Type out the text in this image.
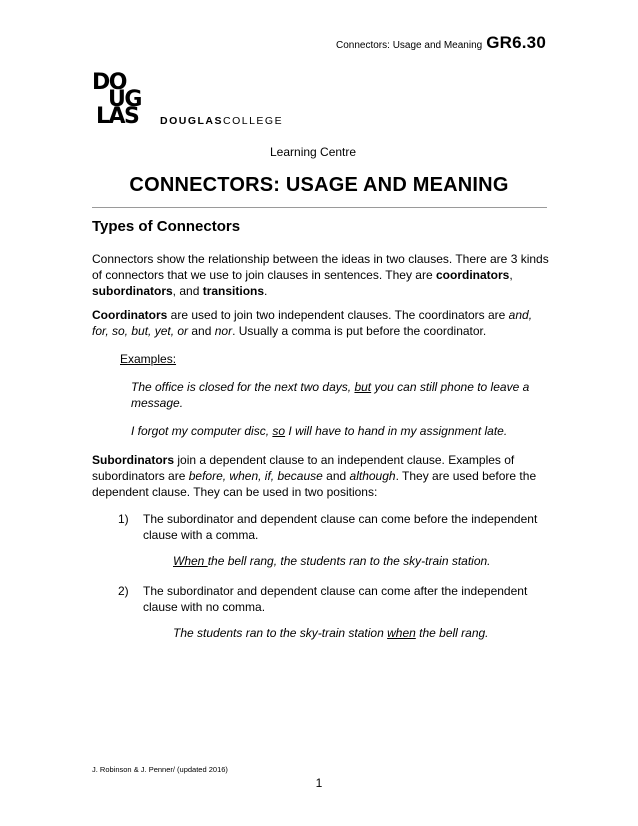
Connectors: Usage and Meaning GR6.30
DO
UG
LAS DOUGLASCOLLEGE
Learning Centre
CONNECTORS: USAGE AND MEANING
Types of Connectors
Connectors show the relationship between the ideas in two clauses. There are 3 kinds of connectors that we use to join clauses in sentences. They are coordinators, subordinators, and transitions.
Coordinators are used to join two independent clauses. The coordinators are and, for, so, but, yet, or and nor. Usually a comma is put before the coordinator.
Examples:
The office is closed for the next two days, but you can still phone to leave a message.
I forgot my computer disc, so I will have to hand in my assignment late.
Subordinators join a dependent clause to an independent clause. Examples of subordinators are before, when, if, because and although. They are used before the dependent clause. They can be used in two positions:
1) The subordinator and dependent clause can come before the independent clause with a comma.
When the bell rang, the students ran to the sky-train station.
2) The subordinator and dependent clause can come after the independent clause with no comma.
The students ran to the sky-train station when the bell rang.
J. Robinson & J. Penner/ (updated 2016)
1
